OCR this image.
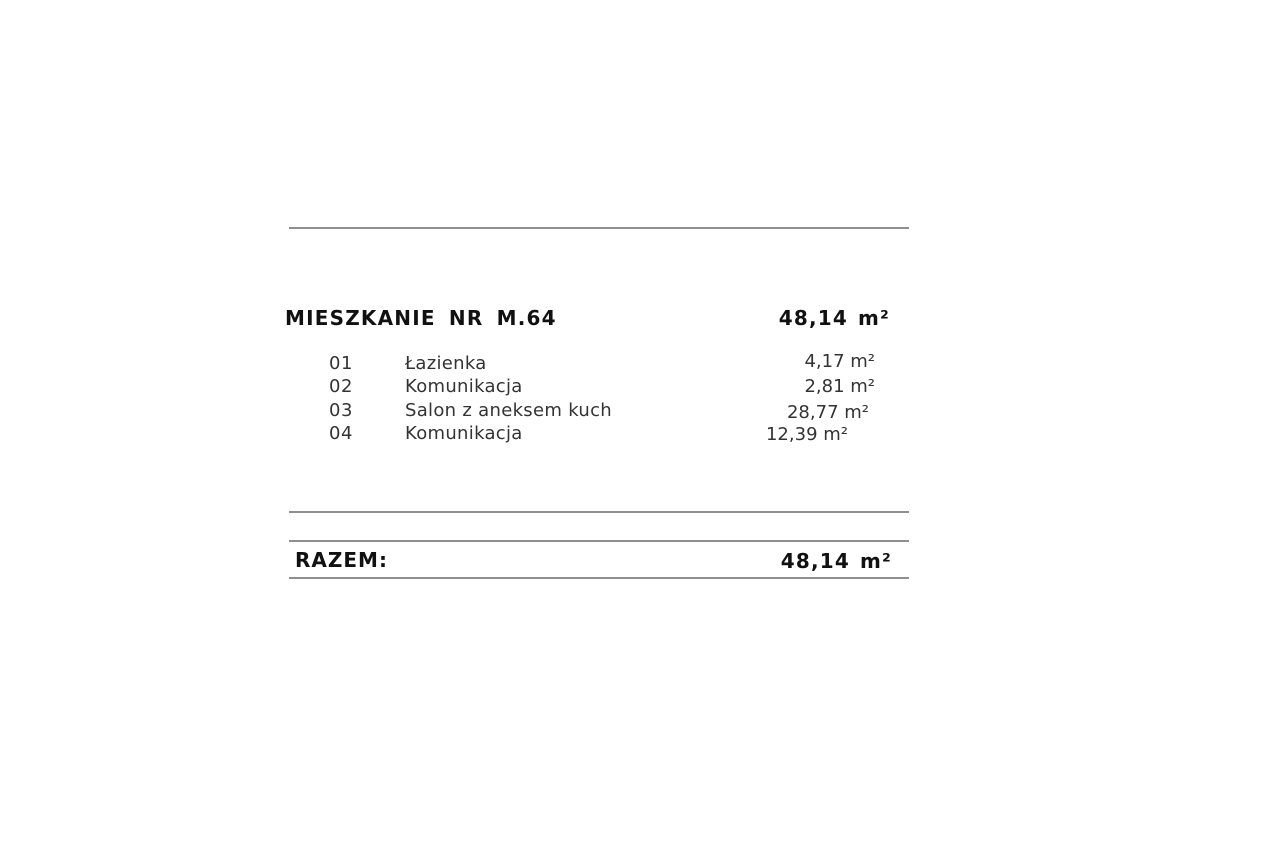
MIESZKANIE NR M.64	48,14 m²
01	Łazienka	4,17 m²
02	Komunikacja	2,81 m²
03	Salon z aneksem kuch	28,77 m²
04	Komunikacja	12,39 m²
RAZEM:	48,14 m²
